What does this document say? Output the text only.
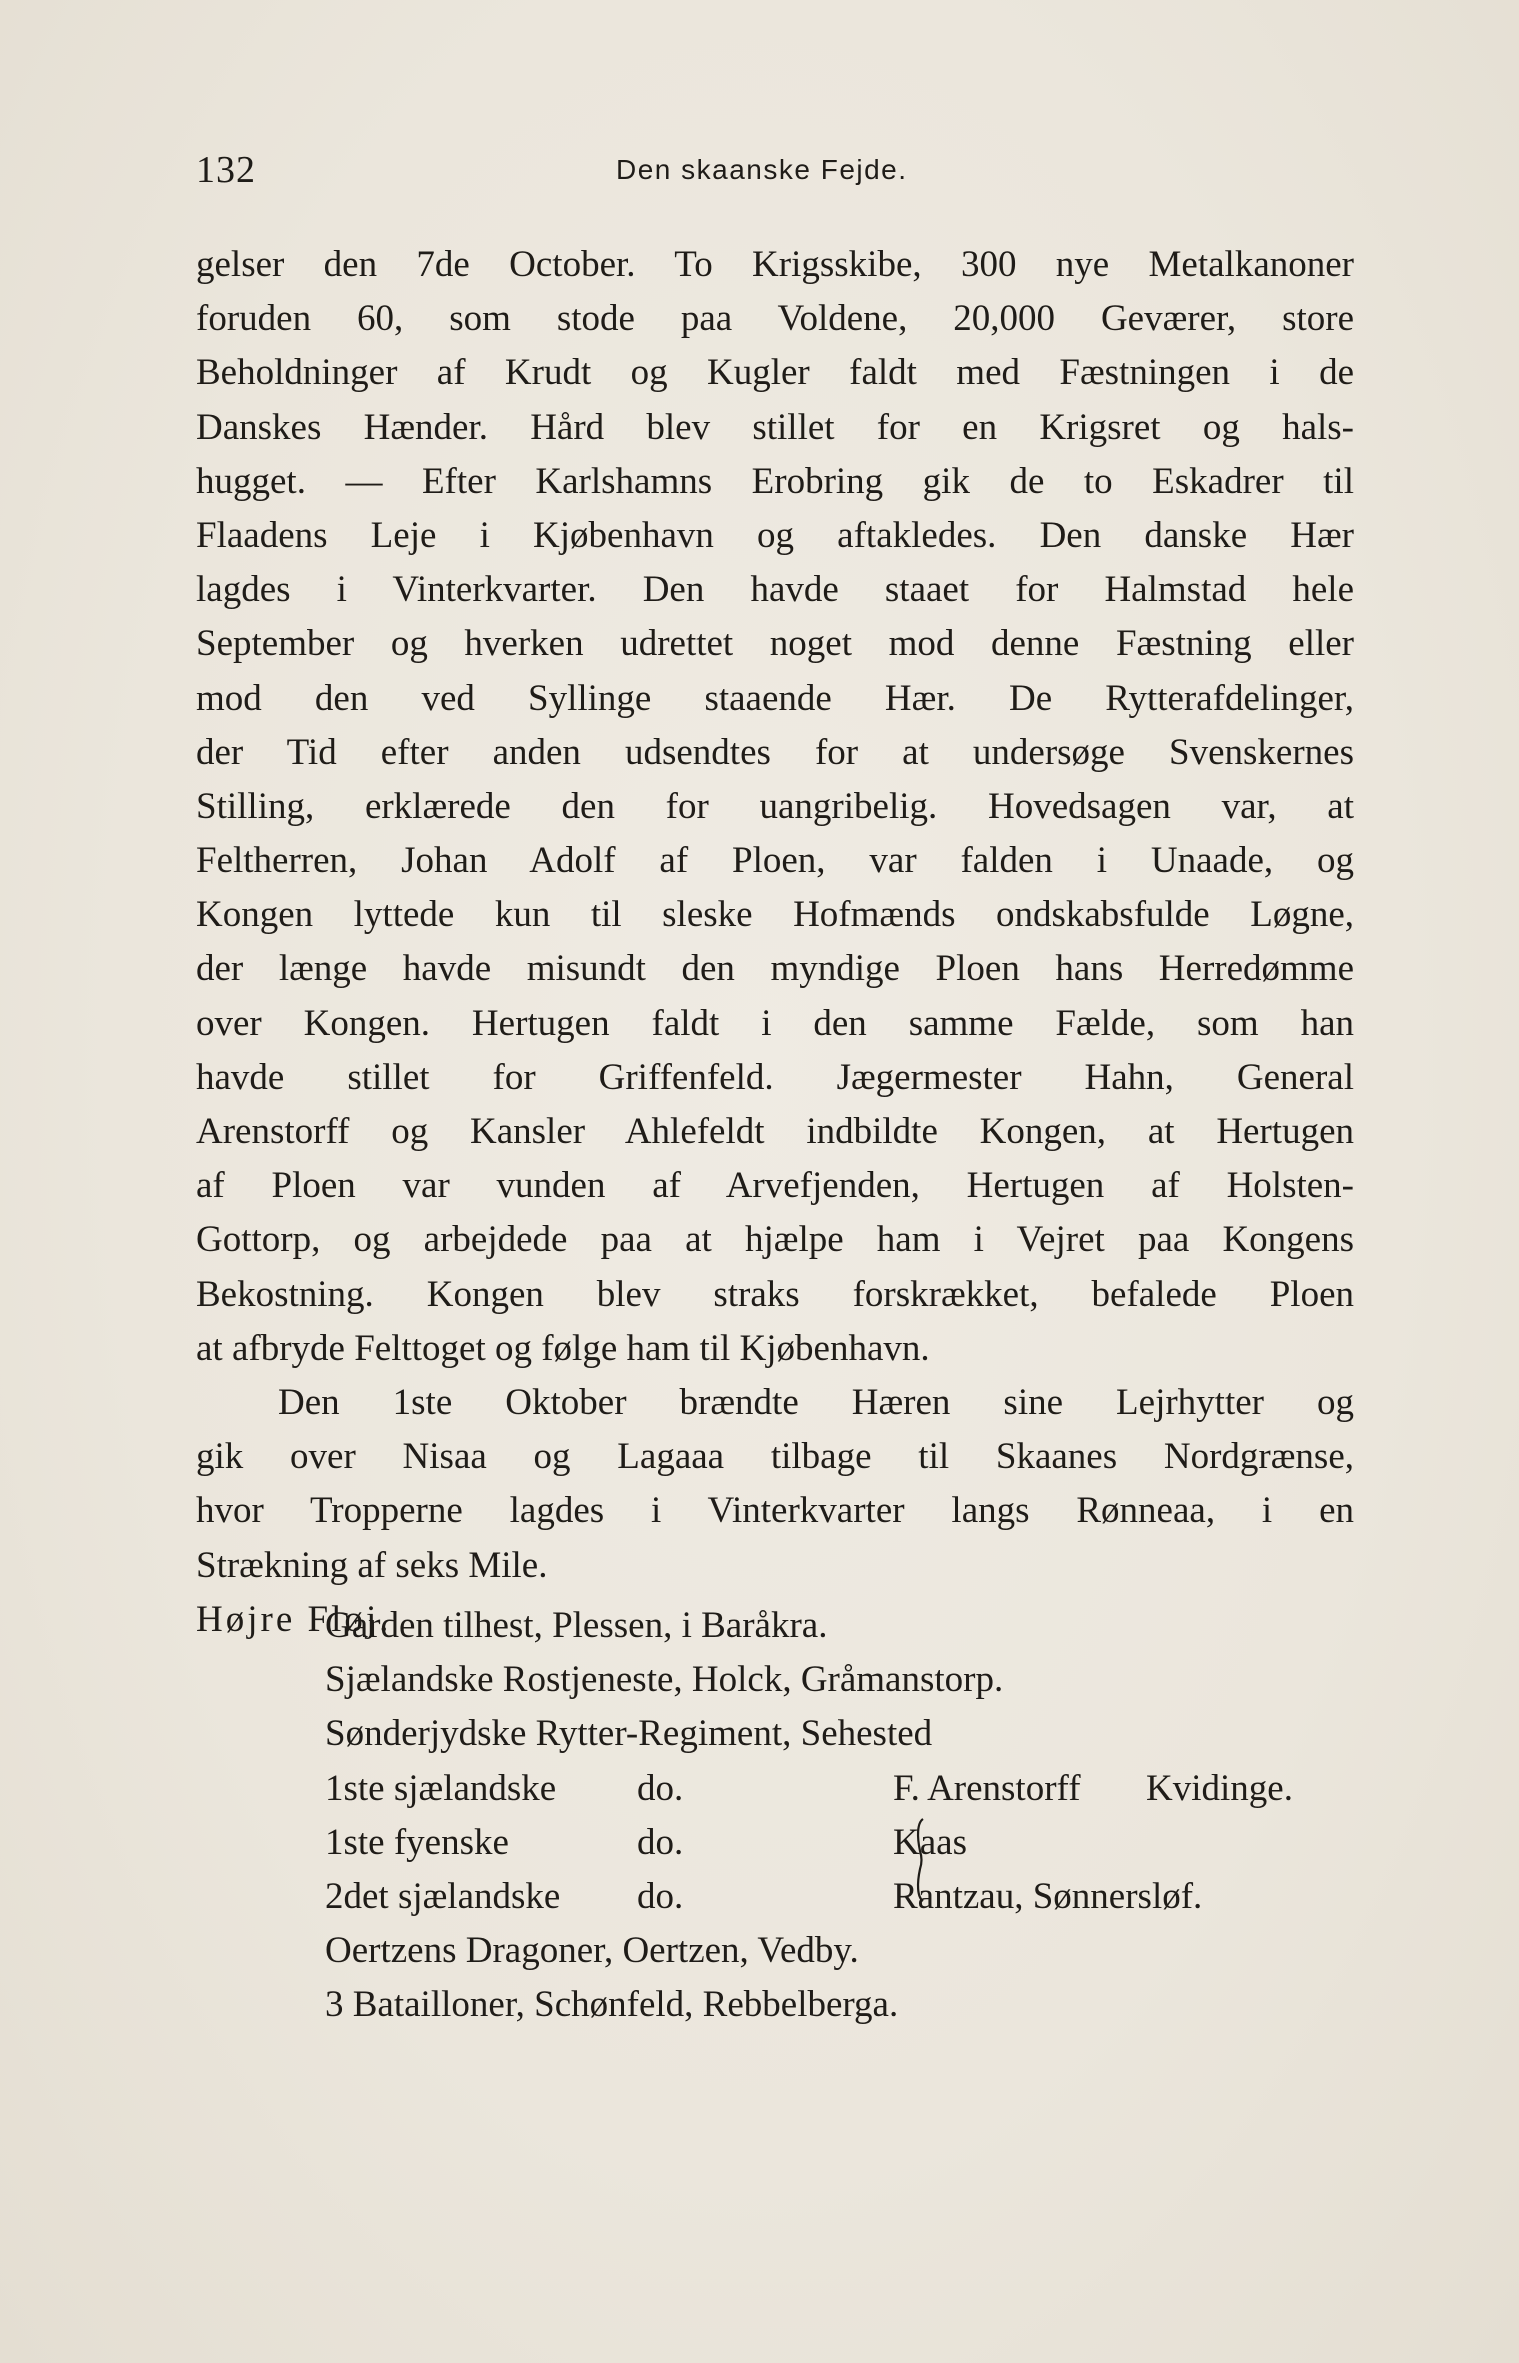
132	Den skaanske Fejde.
gelser den 7de October. To Krigsskibe, 300 nye Metalkanoner
foruden 60, som stode paa Voldene, 20,000 Geværer, store
Beholdninger af Krudt og Kugler faldt med Fæstningen i de
Danskes Hænder. Hård blev stillet for en Krigsret og hals-
hugget. — Efter Karlshamns Erobring gik de to Eskadrer til
Flaadens Leje i Kjøbenhavn og aftakledes. Den danske Hær
lagdes i Vinterkvarter. Den havde staaet for Halmstad hele
September og hverken udrettet noget mod denne Fæstning eller
mod den ved Syllinge staaende Hær. De Rytterafdelinger,
der Tid efter anden udsendtes for at undersøge Svenskernes
Stilling, erklærede den for uangribelig. Hovedsagen var, at
Feltherren, Johan Adolf af Ploen, var falden i Unaade, og
Kongen lyttede kun til sleske Hofmænds ondskabsfulde Løgne,
der længe havde misundt den myndige Ploen hans Herredømme
over Kongen. Hertugen faldt i den samme Fælde, som han
havde stillet for Griffenfeld. Jægermester Hahn, General
Arenstorff og Kansler Ahlefeldt indbildte Kongen, at Hertugen
af Ploen var vunden af Arvefjenden, Hertugen af Holsten-
Gottorp, og arbejdede paa at hjælpe ham i Vejret paa Kongens
Bekostning. Kongen blev straks forskrækket, befalede Ploen
at afbryde Felttoget og følge ham til Kjøbenhavn.
Den 1ste Oktober brændte Hæren sine Lejrhytter og
gik over Nisaa og Lagaaa tilbage til Skaanes Nordgrænse,
hvor Tropperne lagdes i Vinterkvarter langs Rønneaa, i en
Strækning af seks Mile.
Højre Fløj.
Garden tilhest, Plessen, i Baråkra.
Sjælandske Rostjeneste, Holck, Gråmanstorp.
Sønderjydske Rytter-Regiment, Sehested
1ste sjælandske do.	F. Arenstorff Kvidinge.
1ste fyenske	do.	Kaas
2det sjælandske do.	Rantzau, Sønnersløf.
Oertzens Dragoner, Oertzen, Vedby.
3 Batailloner, Schønfeld, Rebbelberga.
